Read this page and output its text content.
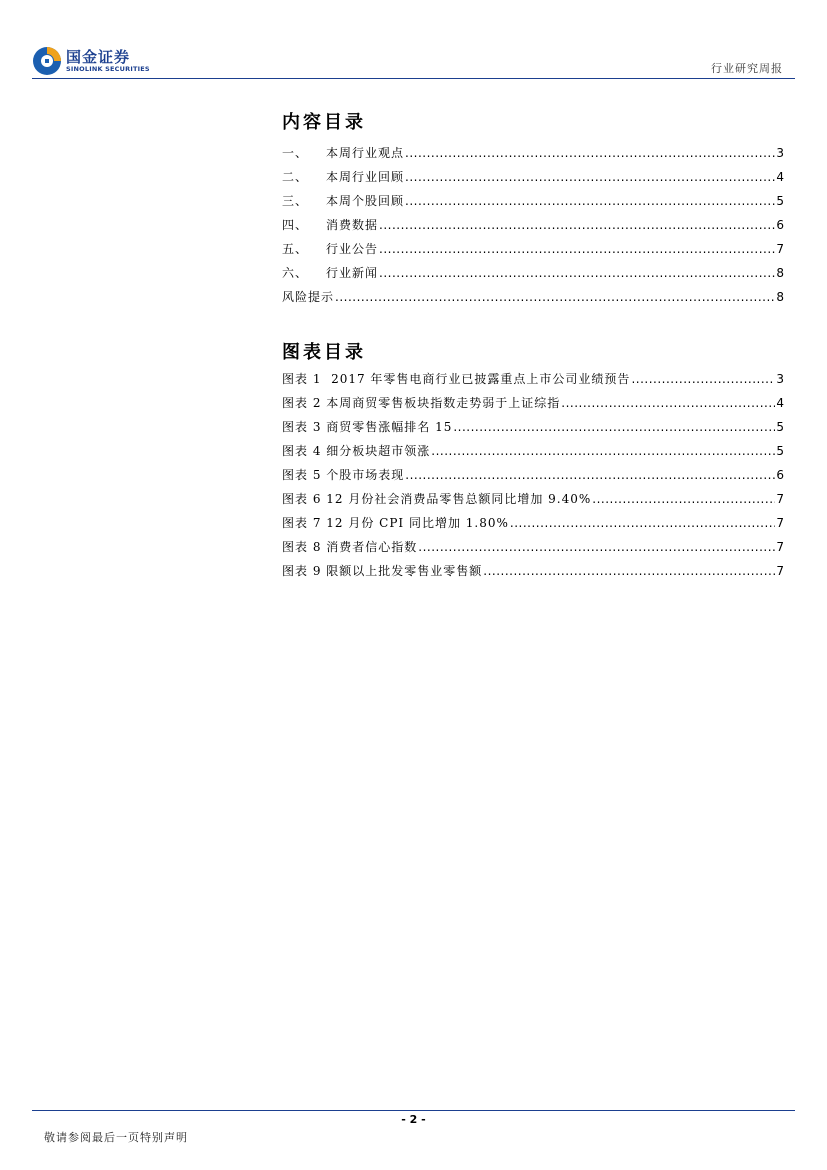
国金证券
SINOLINK SECURITIES	行业研究周报
内容目录
一、	本周行业观点 .....	3
二、	本周行业回顾 .....	4
三、	本周个股回顾 .....	5
四、	消费数据 .....	6
五、	行业公告 .....	7
六、	行业新闻 .....	8
风险提示 .....	8
图表目录
图表 1  2017 年零售电商行业已披露重点上市公司业绩预告 .....	3
图表 2 本周商贸零售板块指数走势弱于上证综指 .....	4
图表 3 商贸零售涨幅排名 15 .....	5
图表 4 细分板块超市领涨 .....	5
图表 5 个股市场表现 .....	6
图表 6 12 月份社会消费品零售总额同比增加 9.40% .....	7
图表 7 12 月份 CPI 同比增加 1.80% .....	7
图表 8 消费者信心指数 .....	7
图表 9 限额以上批发零售业零售额 .....	7
- 2 -
敬请参阅最后一页特别声明
